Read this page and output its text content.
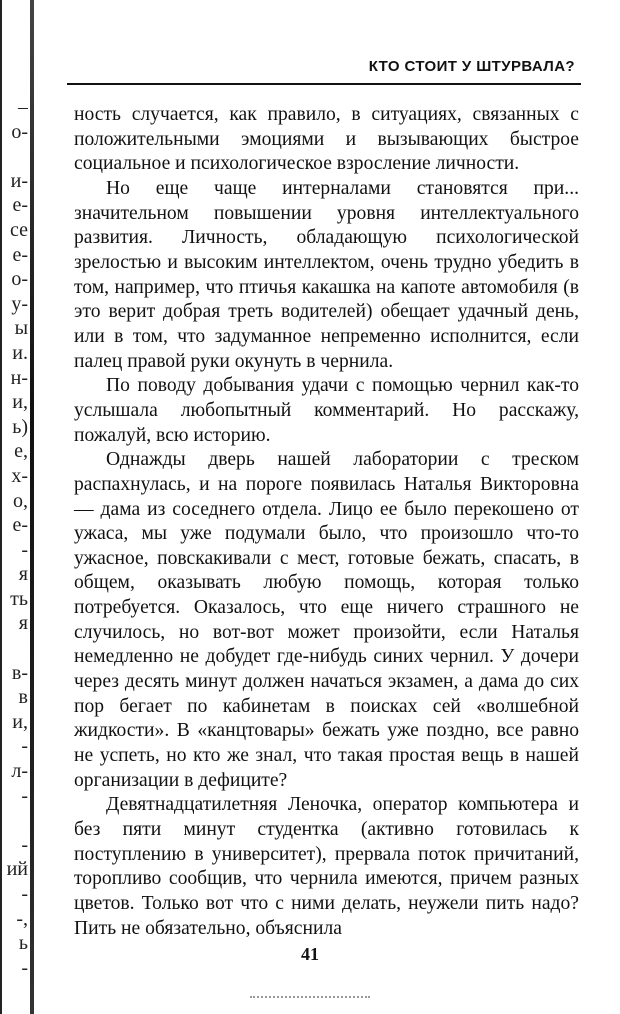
–
о-
и-
е-
се
е-
о-
у-
ы
и.
н-
и,
ь)
е,
х-
о,
е-
-
я
ть
я
в-
в
и,
-
л-
-
-
ий
-
-,
ь
-
КТО СТОИТ У ШТУРВАЛА?

ность случается, как правило, в ситуациях, связанных с положительными эмоциями и вызывающих быстрое социальное и психологическое взросление личности.

Но еще чаще интерналами становятся при... значительном повышении уровня интеллектуального развития. Личность, обладающую психологической зрелостью и высоким интеллектом, очень трудно убедить в том, например, что птичья какашка на капоте автомобиля (в это верит добрая треть водителей) обещает удачный день, или в том, что задуманное непременно исполнится, если палец правой руки окунуть в чернила.

По поводу добывания удачи с помощью чернил как-то услышала любопытный комментарий. Но расскажу, пожалуй, всю историю.

Однажды дверь нашей лаборатории с треском распахнулась, и на пороге появилась Наталья Викторовна — дама из соседнего отдела. Лицо ее было перекошено от ужаса, мы уже подумали было, что произошло что-то ужасное, повскакивали с мест, готовые бежать, спасать, в общем, оказывать любую помощь, которая только потребуется. Оказалось, что еще ничего страшного не случилось, но вот-вот может произойти, если Наталья немедленно не добудет где-нибудь синих чернил. У дочери через десять минут должен начаться экзамен, а дама до сих пор бегает по кабинетам в поисках сей «волшебной жидкости». В «канцтовары» бежать уже поздно, все равно не успеть, но кто же знал, что такая простая вещь в нашей организации в дефиците?

Девятнадцатилетняя Леночка, оператор компьютера и без пяти минут студентка (активно готовилась к поступлению в университет), прервала поток причитаний, торопливо сообщив, что чернила имеются, причем разных цветов. Только вот что с ними делать, неужели пить надо? Пить не обязательно, объяснила

41
